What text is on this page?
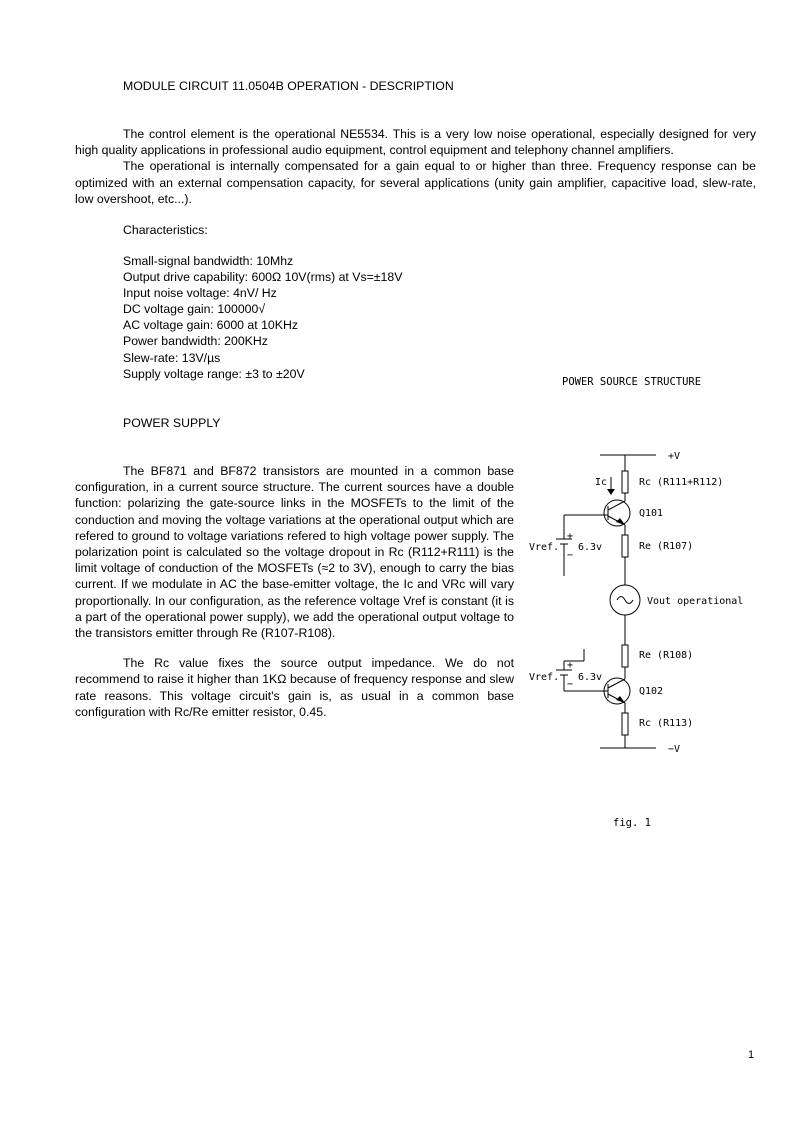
MODULE CIRCUIT 11.0504B OPERATION - DESCRIPTION

The control element is the operational NE5534. This is a very low noise operational, especially designed for very high quality applications in professional audio equipment, control equipment and telephony channel amplifiers.

The operational is internally compensated for a gain equal to or higher than three. Frequency response can be optimized with an external compensation capacity, for several applications (unity gain amplifier, capacitive load, slew-rate, low overshoot, etc...).

Characteristics:
Small-signal bandwidth: 10Mhz
Output drive capability: 600Ω 10V(rms) at Vs=±18V
Input noise voltage: 4nV/ Hz
DC voltage gain: 100000√
AC voltage gain: 6000 at 10KHz
Power bandwidth: 200KHz
Slew-rate: 13V/µs
Supply voltage range: ±3 to ±20V
POWER SUPPLY

The BF871 and BF872 transistors are mounted in a common base configuration, in a current source structure. The current sources have a double function: polarizing the gate-source links in the MOSFETs to the limit of the conduction and moving the voltage variations at the operational output which are refered to ground to voltage variations refered to high voltage power supply. The polarization point is calculated so the voltage dropout in Rc (R112+R111) is the limit voltage of conduction of the MOSFETs (≈2 to 3V), enough to carry the bias current. If we modulate in AC the base-emitter voltage, the Ic and VRc will vary proportionally. In our configuration, as the reference voltage Vref is constant (it is a part of the operational power supply), we add the operational output voltage to the transistors emitter through Re (R107-R108).

The Rc value fixes the source output impedance. We do not recommend to raise it higher than 1KΩ because of frequency response and slew rate reasons. This voltage circuit's gain is, as usual in a common base configuration with Rc/Re emitter resistor, 0.45.

+V
Ic	Rc (R111+R112)
Q101
Re (R107)
Vout operational
Re (R108)
Q102
Rc (R113)
−V
Vref. 6.3v
+
−
Vref. 6.3v
+
−
POWER SOURCE STRUCTURE
fig. 1
1
